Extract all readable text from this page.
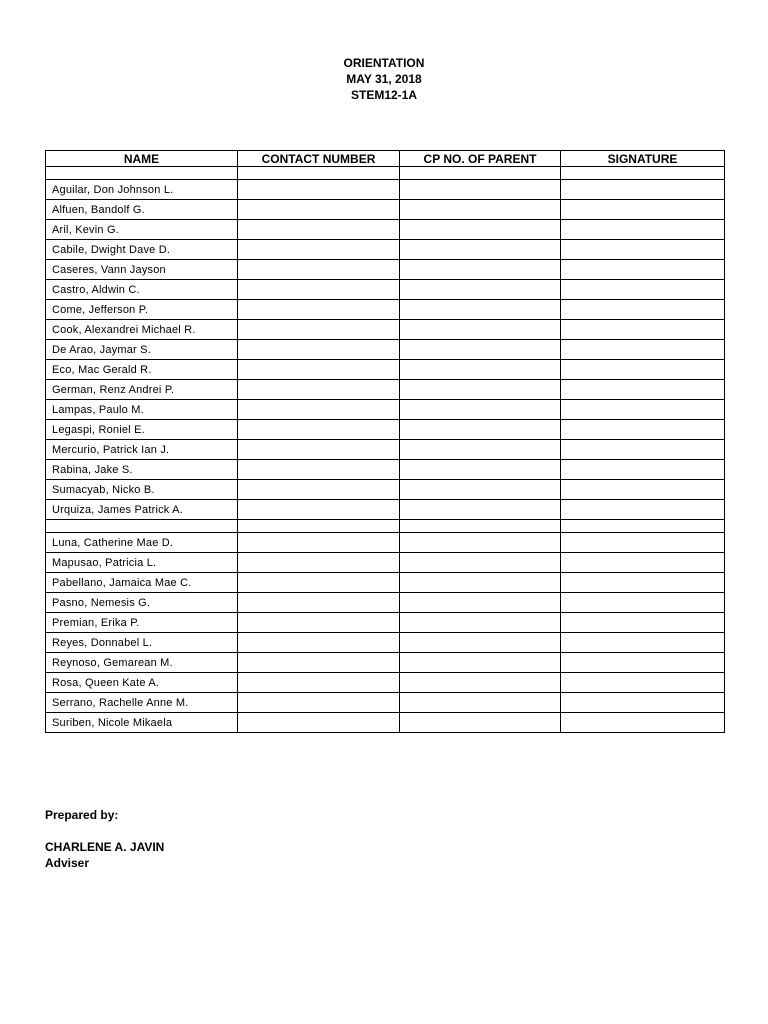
ORIENTATION
MAY 31, 2018
STEM12-1A
NAME	CONTACT NUMBER	CP NO. OF PARENT	SIGNATURE

Aguilar, Don Johnson L.			
Alfuen, Bandolf G.			
Aril, Kevin G.			
Cabile, Dwight Dave D.			
Caseres, Vann Jayson			
Castro, Aldwin C.			
Come, Jefferson P.			
Cook, Alexandrei Michael R.			
De Arao, Jaymar S.			
Eco, Mac Gerald R.			
German, Renz Andrei P.			
Lampas, Paulo M.			
Legaspi, Roniel E.			
Mercurio, Patrick Ian J.			
Rabina, Jake S.			
Sumacyab, Nicko B.			
Urquiza, James Patrick A.			

Luna, Catherine Mae D.			
Mapusao, Patricia L.			
Pabellano, Jamaica Mae C.			
Pasno, Nemesis G.			
Premian, Erika P.			
Reyes, Donnabel L.			
Reynoso, Gemarean M.			
Rosa, Queen Kate A.			
Serrano, Rachelle Anne M.			
Suriben, Nicole Mikaela			
Prepared by:
CHARLENE A. JAVIN
Adviser
